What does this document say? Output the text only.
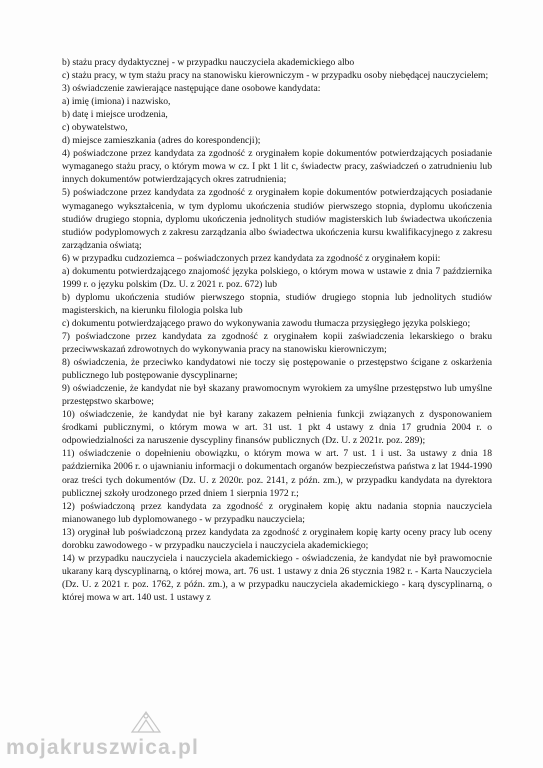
b) stażu pracy dydaktycznej - w przypadku nauczyciela akademickiego albo

c) stażu pracy, w tym stażu pracy na stanowisku kierowniczym - w przypadku osoby niebędącej nauczycielem;

3) oświadczenie zawierające następujące dane osobowe kandydata:

a) imię (imiona) i nazwisko,

b) datę i miejsce urodzenia,

c) obywatelstwo,

d) miejsce zamieszkania (adres do korespondencji);

4) poświadczone przez kandydata za zgodność z oryginałem kopie dokumentów potwierdzających posiadanie wymaganego stażu pracy, o którym mowa w cz. I pkt 1 lit c, świadectw pracy, zaświadczeń o zatrudnieniu lub innych dokumentów potwierdzających okres zatrudnienia;

5) poświadczone przez kandydata za zgodność z oryginałem kopie dokumentów potwierdzających posiadanie wymaganego wykształcenia, w tym dyplomu ukończenia studiów pierwszego stopnia, dyplomu ukończenia studiów drugiego stopnia, dyplomu ukończenia jednolitych studiów magisterskich lub świadectwa ukończenia studiów podyplomowych z zakresu zarządzania albo świadectwa ukończenia kursu kwalifikacyjnego z zakresu zarządzania oświatą;

6) w przypadku cudzoziemca – poświadczonych przez kandydata za zgodność z oryginałem kopii:

a) dokumentu potwierdzającego znajomość języka polskiego, o którym mowa w ustawie z dnia 7 października 1999 r. o języku polskim (Dz. U. z 2021 r. poz. 672) lub

b) dyplomu ukończenia studiów pierwszego stopnia, studiów drugiego stopnia lub jednolitych studiów magisterskich, na kierunku filologia polska lub

c) dokumentu potwierdzającego prawo do wykonywania zawodu tłumacza przysięgłego języka polskiego;

7) poświadczone przez kandydata za zgodność z oryginałem kopii zaświadczenia lekarskiego o braku przeciwwskazań zdrowotnych do wykonywania pracy na stanowisku kierowniczym;

8) oświadczenia, że przeciwko kandydatowi nie toczy się postępowanie o przestępstwo ścigane z oskarżenia publicznego lub postępowanie dyscyplinarne;

9) oświadczenie, że kandydat nie był skazany prawomocnym wyrokiem za umyślne przestępstwo lub umyślne przestępstwo skarbowe;

10) oświadczenie, że kandydat nie był karany zakazem pełnienia funkcji związanych z dysponowaniem środkami publicznymi, o którym mowa w art. 31 ust. 1 pkt 4 ustawy z dnia 17 grudnia 2004 r. o odpowiedzialności za naruszenie dyscypliny finansów publicznych (Dz. U. z 2021r. poz. 289);

11) oświadczenie o dopełnieniu obowiązku, o którym mowa w art. 7 ust. 1 i ust. 3a ustawy z dnia 18 października 2006 r. o ujawnianiu informacji o dokumentach organów bezpieczeństwa państwa z lat 1944-1990 oraz treści tych dokumentów (Dz. U. z 2020r. poz. 2141, z późn. zm.), w przypadku kandydata na dyrektora publicznej szkoły urodzonego przed dniem 1 sierpnia 1972 r.;

12) poświadczoną przez kandydata za zgodność z oryginałem kopię aktu nadania stopnia nauczyciela mianowanego lub dyplomowanego - w przypadku nauczyciela;

13) oryginał lub poświadczoną przez kandydata za zgodność z oryginałem kopię karty oceny pracy lub oceny dorobku zawodowego - w przypadku nauczyciela i nauczyciela akademickiego;

14) w przypadku nauczyciela i nauczyciela akademickiego - oświadczenia, że kandydat nie był prawomocnie ukarany karą dyscyplinarną, o której mowa, art. 76 ust. 1 ustawy z dnia 26 stycznia 1982 r. - Karta Nauczyciela (Dz. U. z 2021 r. poz. 1762, z późn. zm.), a w przypadku nauczyciela akademickiego - karą dyscyplinarną, o której mowa w art. 140 ust. 1 ustawy z

mojakruszwica.pl
